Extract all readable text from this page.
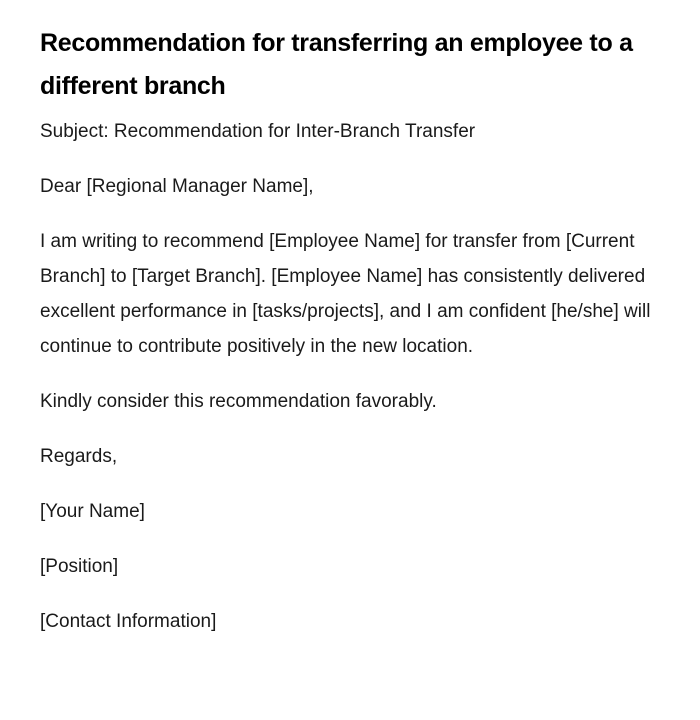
Recommendation for transferring an employee to a different branch

Subject: Recommendation for Inter-Branch Transfer

Dear [Regional Manager Name],

I am writing to recommend [Employee Name] for transfer from [Current Branch] to [Target Branch]. [Employee Name] has consistently delivered excellent performance in [tasks/projects], and I am confident [he/she] will continue to contribute positively in the new location.

Kindly consider this recommendation favorably.

Regards,

[Your Name]

[Position]

[Contact Information]
